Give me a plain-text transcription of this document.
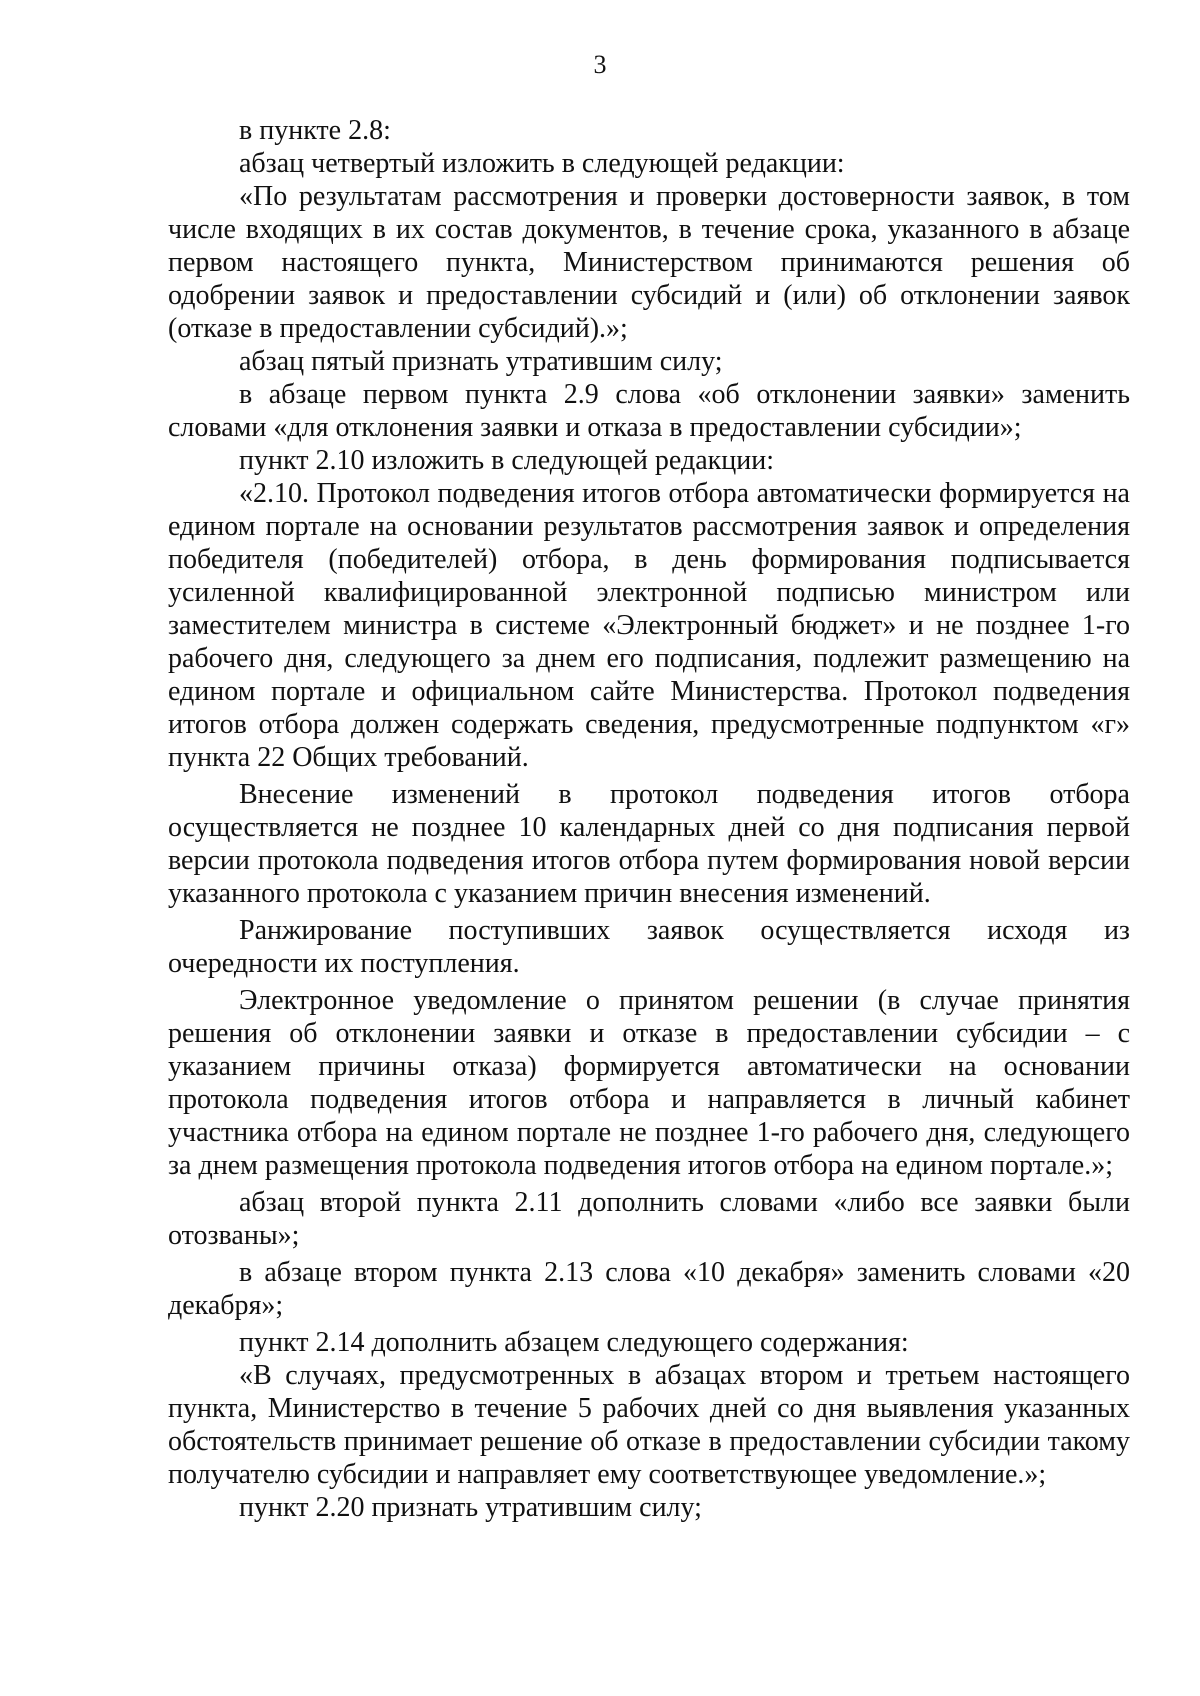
3

в пункте 2.8:

абзац четвертый изложить в следующей редакции:

«По результатам рассмотрения и проверки достоверности заявок, в том числе входящих в их состав документов, в течение срока, указанного в абзаце первом настоящего пункта, Министерством принимаются решения об одобрении заявок и предоставлении субсидий и (или) об отклонении заявок (отказе в предоставлении субсидий).»;

абзац пятый признать утратившим силу;

в абзаце первом пункта 2.9 слова «об отклонении заявки» заменить словами «для отклонения заявки и отказа в предоставлении субсидии»;

пункт 2.10 изложить в следующей редакции:

«2.10. Протокол подведения итогов отбора автоматически формируется на едином портале на основании результатов рассмотрения заявок и определения победителя (победителей) отбора, в день формирования подписывается усиленной квалифицированной электронной подписью министром или заместителем министра в системе «Электронный бюджет» и не позднее 1-го рабочего дня, следующего за днем его подписания, подлежит размещению на едином портале и официальном сайте Министерства. Протокол подведения итогов отбора должен содержать сведения, предусмотренные подпунктом «г» пункта 22 Общих требований.

Внесение изменений в протокол подведения итогов отбора осуществляется не позднее 10 календарных дней со дня подписания первой версии протокола подведения итогов отбора путем формирования новой версии указанного протокола с указанием причин внесения изменений.

Ранжирование поступивших заявок осуществляется исходя из очередности их поступления.

Электронное уведомление о принятом решении (в случае принятия решения об отклонении заявки и отказе в предоставлении субсидии – с указанием причины отказа) формируется автоматически на основании протокола подведения итогов отбора и направляется в личный кабинет участника отбора на едином портале не позднее 1-го рабочего дня, следующего за днем размещения протокола подведения итогов отбора на едином портале.»;

абзац второй пункта 2.11 дополнить словами «либо все заявки были отозваны»;

в абзаце втором пункта 2.13 слова «10 декабря» заменить словами «20 декабря»;

пункт 2.14 дополнить абзацем следующего содержания:

«В случаях, предусмотренных в абзацах втором и третьем настоящего пункта, Министерство в течение 5 рабочих дней со дня выявления указанных обстоятельств принимает решение об отказе в предоставлении субсидии такому получателю субсидии и направляет ему соответствующее уведомление.»;

пункт 2.20 признать утратившим силу;
